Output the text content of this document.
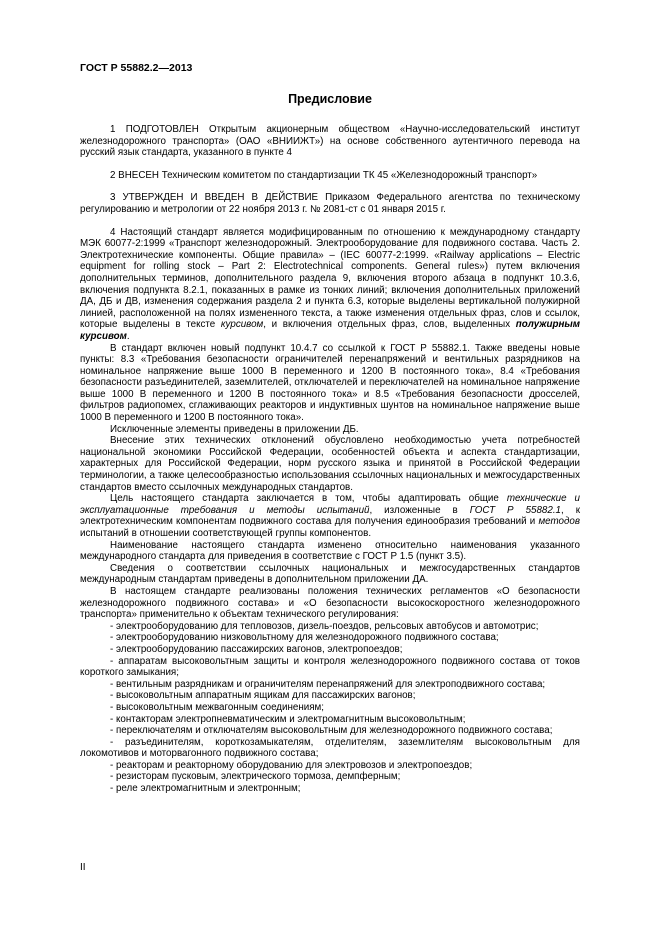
ГОСТ Р 55882.2—2013
Предисловие

1 ПОДГОТОВЛЕН Открытым акционерным обществом «Научно-исследовательский институт железнодорожного транспорта» (ОАО «ВНИИЖТ») на основе собственного аутентичного перевода на русский язык стандарта, указанного в пункте 4

2 ВНЕСЕН Техническим комитетом по стандартизации ТК 45 «Железнодорожный транспорт»

3 УТВЕРЖДЕН И ВВЕДЕН В ДЕЙСТВИЕ Приказом Федерального агентства по техническому регулированию и метрологии от 22 ноября 2013 г. № 2081-ст с 01 января 2015 г.

4 Настоящий стандарт является модифицированным по отношению к международному стандарту МЭК 60077-2:1999 «Транспорт железнодорожный. Электрооборудование для подвижного состава. Часть 2. Электротехнические компоненты. Общие правила» – (IEC 60077-2:1999. «Railway applications – Electric equipment for rolling stock – Part 2: Electrotechnical components. General rules») путем включения дополнительных терминов, дополнительного раздела 9, включения второго абзаца в подпункт 10.3.6, включения подпункта 8.2.1, показанных в рамке из тонких линий; включения дополнительных приложений ДА, ДБ и ДВ, изменения содержания раздела 2 и пункта 6.3, которые выделены вертикальной полужирной линией, расположенной на полях измененного текста, а также изменения отдельных фраз, слов и ссылок, которые выделены в тексте курсивом, и включения отдельных фраз, слов, выделенных полужирным курсивом.

В стандарт включен новый подпункт 10.4.7 со ссылкой к ГОСТ Р 55882.1. Также введены новые пункты: 8.3 «Требования безопасности ограничителей перенапряжений и вентильных разрядников на номинальное напряжение выше 1000 В переменного и 1200 В постоянного тока», 8.4 «Требования безопасности разъединителей, заземлителей, отключателей и переключателей на номинальное напряжение выше 1000 В переменного и 1200 В постоянного тока» и 8.5 «Требования безопасности дросселей, фильтров радиопомех, сглаживающих реакторов и индуктивных шунтов на номинальное напряжение выше 1000 В переменного и 1200 В постоянного тока».

Исключенные элементы приведены в приложении ДБ.

Внесение этих технических отклонений обусловлено необходимостью учета потребностей национальной экономики Российской Федерации, особенностей объекта и аспекта стандартизации, характерных для Российской Федерации, норм русского языка и принятой в Российской Федерации терминологии, а также целесообразностью использования ссылочных национальных и межгосударственных стандартов вместо ссылочных международных стандартов.

Цель настоящего стандарта заключается в том, чтобы адаптировать общие технические и эксплуатационные требования и методы испытаний, изложенные в ГОСТ Р 55882.1, к электротехническим компонентам подвижного состава для получения единообразия требований и методов испытаний в отношении соответствующей группы компонентов.

Наименование настоящего стандарта изменено относительно наименования указанного международного стандарта для приведения в соответствие с ГОСТ Р 1.5 (пункт 3.5).

Сведения о соответствии ссылочных национальных и межгосударственных стандартов международным стандартам приведены в дополнительном приложении ДА.

В настоящем стандарте реализованы положения технических регламентов «О безопасности железнодорожного подвижного состава» и «О безопасности высокоскоростного железнодорожного транспорта» применительно к объектам технического регулирования:

- электрооборудованию для тепловозов, дизель-поездов, рельсовых автобусов и автомотрис;

- электрооборудованию низковольтному для железнодорожного подвижного состава;

- электрооборудованию пассажирских вагонов, электропоездов;

- аппаратам высоковольтным защиты и контроля железнодорожного подвижного состава от токов короткого замыкания;

- вентильным разрядникам и ограничителям перенапряжений для электроподвижного состава;

- высоковольтным аппаратным ящикам для пассажирских вагонов;

- высоковольтным межвагонным соединениям;

- контакторам электропневматическим и электромагнитным высоковольтным;

- переключателям и отключателям высоковольтным для железнодорожного подвижного состава;

- разъединителям, короткозамыкателям, отделителям, заземлителям высоковольтным для локомотивов и моторвагонного подвижного состава;

- реакторам и реакторному оборудованию для электровозов и электропоездов;

- резисторам пусковым, электрического тормоза, демпферным;

- реле электромагнитным и электронным;

II
